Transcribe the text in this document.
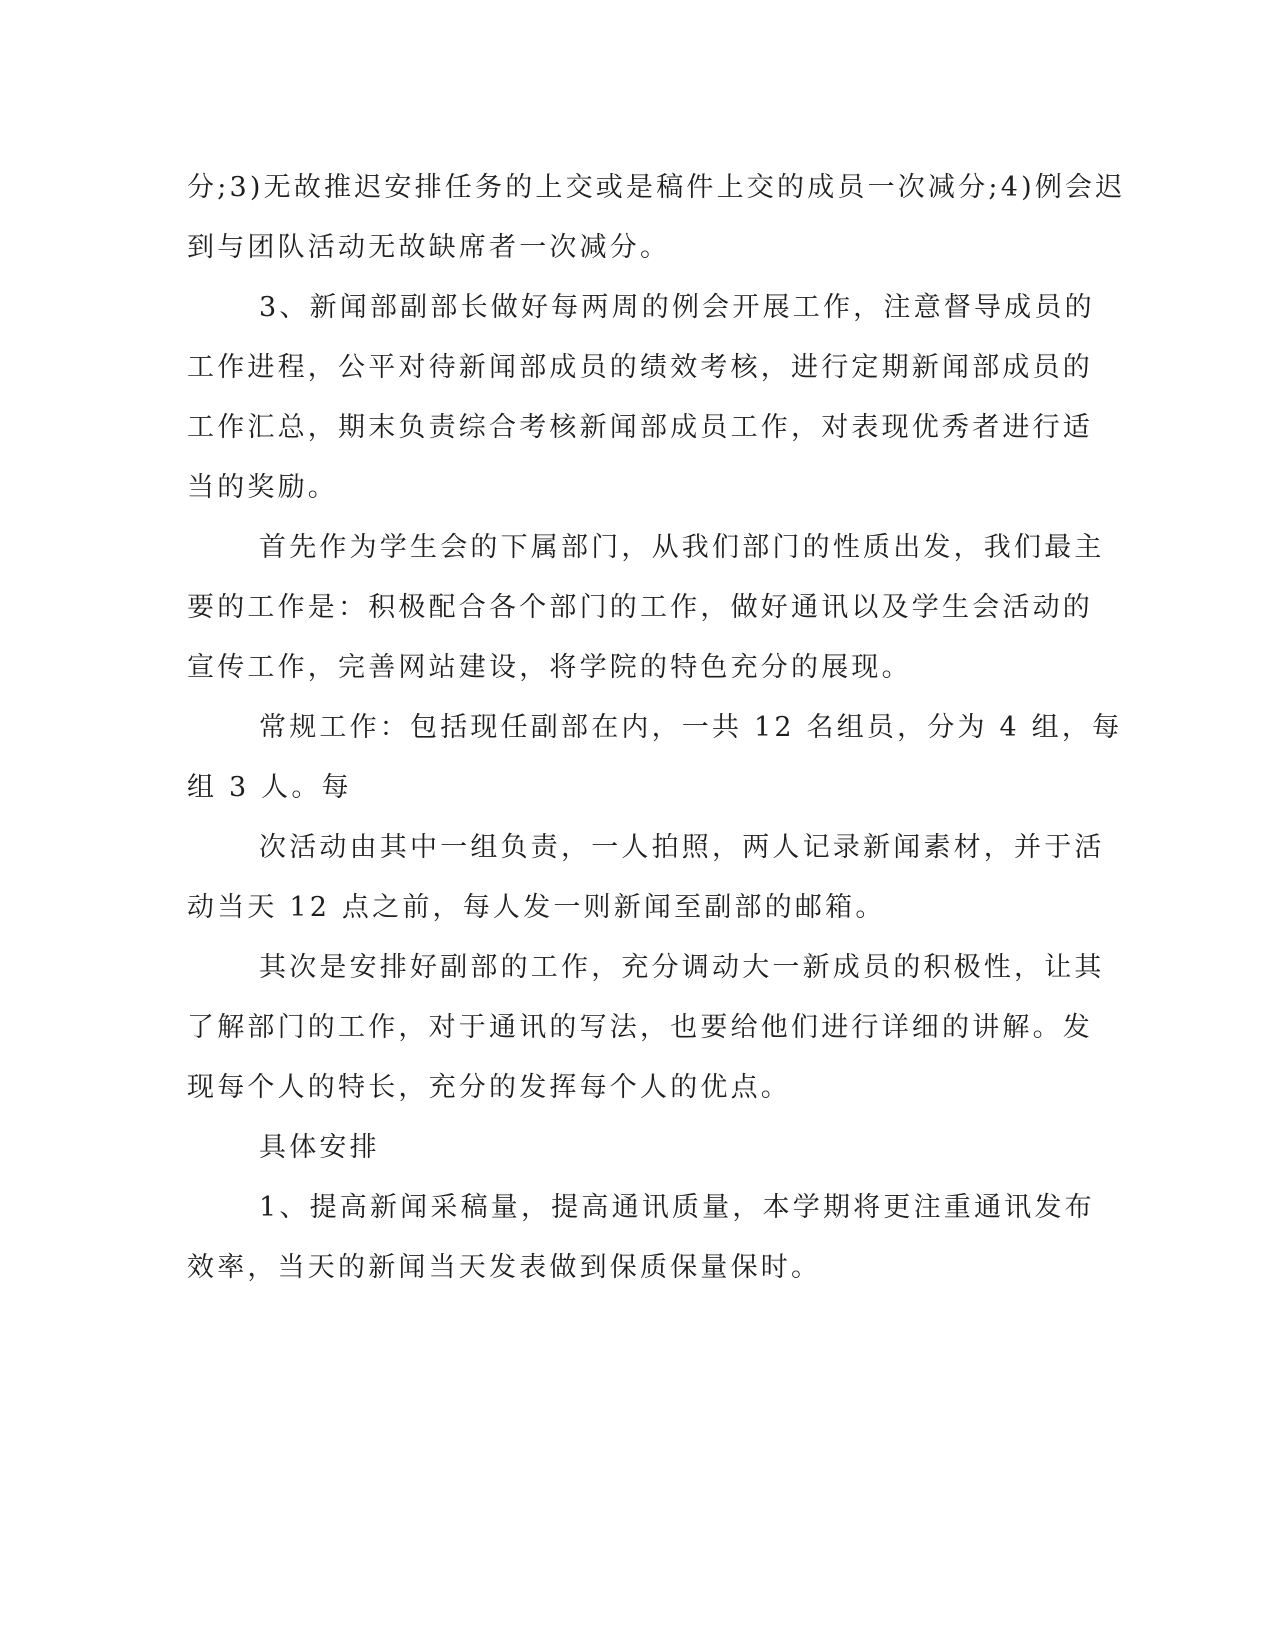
分;3)无故推迟安排任务的上交或是稿件上交的成员一次减分;4)例会迟
到与团队活动无故缺席者一次减分。
3、新闻部副部长做好每两周的例会开展工作，注意督导成员的
工作进程，公平对待新闻部成员的绩效考核，进行定期新闻部成员的
工作汇总，期末负责综合考核新闻部成员工作，对表现优秀者进行适
当的奖励。
首先作为学生会的下属部门，从我们部门的性质出发，我们最主
要的工作是：积极配合各个部门的工作，做好通讯以及学生会活动的
宣传工作，完善网站建设，将学院的特色充分的展现。
常规工作：包括现任副部在内，一共 12 名组员，分为 4 组，每
组 3 人。每
次活动由其中一组负责，一人拍照，两人记录新闻素材，并于活
动当天 12 点之前，每人发一则新闻至副部的邮箱。
其次是安排好副部的工作，充分调动大一新成员的积极性，让其
了解部门的工作，对于通讯的写法，也要给他们进行详细的讲解。发
现每个人的特长，充分的发挥每个人的优点。
具体安排
1、提高新闻采稿量，提高通讯质量，本学期将更注重通讯发布
效率，当天的新闻当天发表做到保质保量保时。
